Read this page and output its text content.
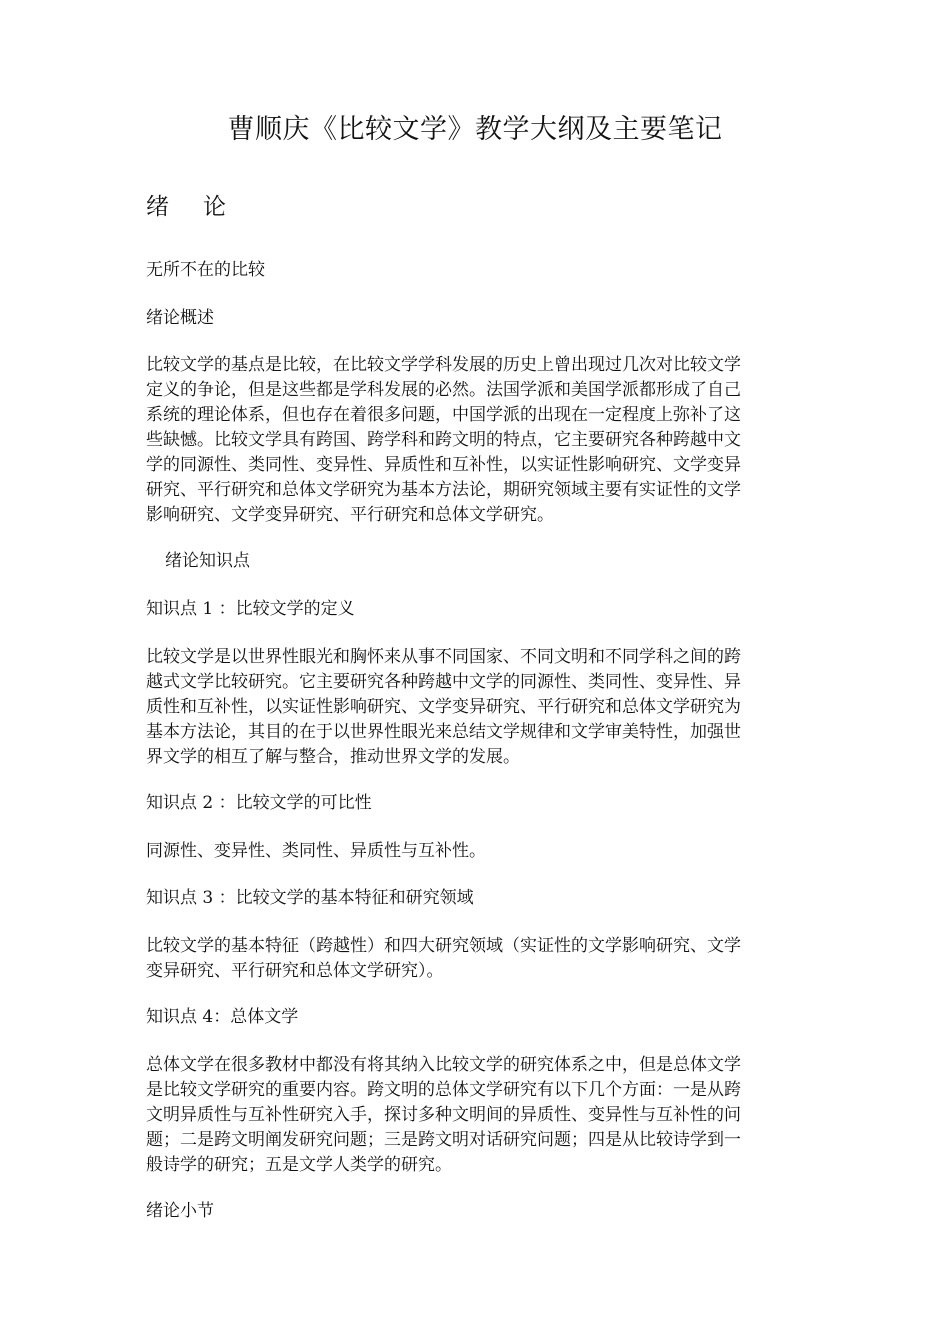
曹顺庆《比较文学》教学大纲及主要笔记
绪 论
无所不在的比较
绪论概述
比较文学的基点是比较，在比较文学学科发展的历史上曾出现过几次对比较文学
定义的争论，但是这些都是学科发展的必然。法国学派和美国学派都形成了自己
系统的理论体系，但也存在着很多问题，中国学派的出现在一定程度上弥补了这
些缺憾。比较文学具有跨国、跨学科和跨文明的特点，它主要研究各种跨越中文
学的同源性、类同性、变异性、异质性和互补性，以实证性影响研究、文学变异
研究、平行研究和总体文学研究为基本方法论，期研究领域主要有实证性的文学
影响研究、文学变异研究、平行研究和总体文学研究。
绪论知识点
知识点 1 ：比较文学的定义
比较文学是以世界性眼光和胸怀来从事不同国家、不同文明和不同学科之间的跨
越式文学比较研究。它主要研究各种跨越中文学的同源性、类同性、变异性、异
质性和互补性，以实证性影响研究、文学变异研究、平行研究和总体文学研究为
基本方法论，其目的在于以世界性眼光来总结文学规律和文学审美特性，加强世
界文学的相互了解与整合，推动世界文学的发展。
知识点 2 ：比较文学的可比性
同源性、变异性、类同性、异质性与互补性。
知识点 3 ：比较文学的基本特征和研究领域
比较文学的基本特征（跨越性）和四大研究领域（实证性的文学影响研究、文学
变异研究、平行研究和总体文学研究）。
知识点 4：总体文学
总体文学在很多教材中都没有将其纳入比较文学的研究体系之中，但是总体文学
是比较文学研究的重要内容。跨文明的总体文学研究有以下几个方面：一是从跨
文明异质性与互补性研究入手，探讨多种文明间的异质性、变异性与互补性的问
题；二是跨文明阐发研究问题；三是跨文明对话研究问题；四是从比较诗学到一
般诗学的研究；五是文学人类学的研究。
绪论小节
